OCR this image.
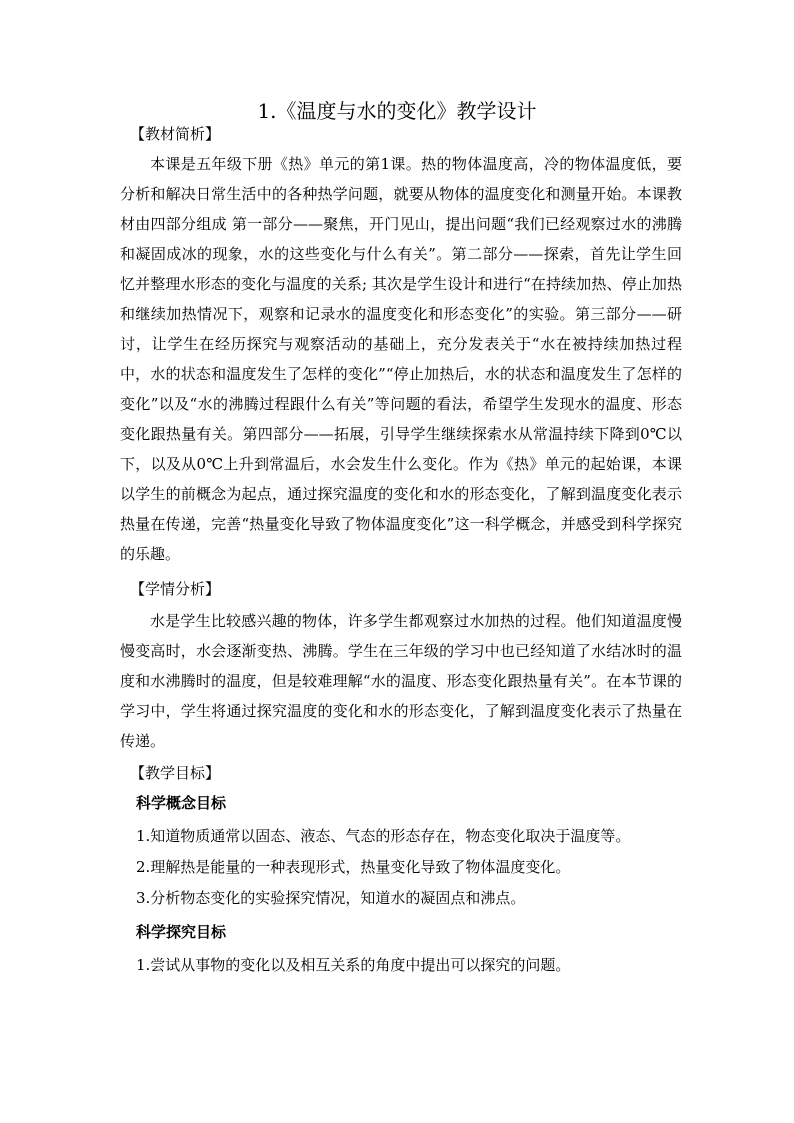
1.《温度与水的变化》教学设计
【教材简析】

本课是五年级下册《热》单元的第1课。热的物体温度高，冷的物体温度低，要分析和解决日常生活中的各种热学问题，就要从物体的温度变化和测量开始。本课教材由四部分组成 第一部分——聚焦，开门见山，提出问题“我们已经观察过水的沸腾和凝固成冰的现象，水的这些变化与什么有关”。第二部分——探索，首先让学生回忆并整理水形态的变化与温度的关系; 其次是学生设计和进行“在持续加热、停止加热和继续加热情况下，观察和记录水的温度变化和形态变化”的实验。第三部分——研讨，让学生在经历探究与观察活动的基础上，充分发表关于“水在被持续加热过程中，水的状态和温度发生了怎样的变化”“停止加热后，水的状态和温度发生了怎样的变化”以及“水的沸腾过程跟什么有关”等问题的看法，希望学生发现水的温度、形态变化跟热量有关。第四部分——拓展，引导学生继续探索水从常温持续下降到0℃以下，以及从0℃上升到常温后，水会发生什么变化。作为《热》单元的起始课，本课以学生的前概念为起点，通过探究温度的变化和水的形态变化，了解到温度变化表示热量在传递，完善“热量变化导致了物体温度变化”这一科学概念，并感受到科学探究的乐趣。

【学情分析】

水是学生比较感兴趣的物体，许多学生都观察过水加热的过程。他们知道温度慢慢变高时，水会逐渐变热、沸腾。学生在三年级的学习中也已经知道了水结冰时的温度和水沸腾时的温度，但是较难理解“水的温度、形态变化跟热量有关”。在本节课的学习中，学生将通过探究温度的变化和水的形态变化，了解到温度变化表示了热量在传递。

【教学目标】
科学概念目标

1.知道物质通常以固态、液态、气态的形态存在，物态变化取决于温度等。

2.理解热是能量的一种表现形式，热量变化导致了物体温度变化。

3.分析物态变化的实验探究情况，知道水的凝固点和沸点。

科学探究目标

1.尝试从事物的变化以及相互关系的角度中提出可以探究的问题。
